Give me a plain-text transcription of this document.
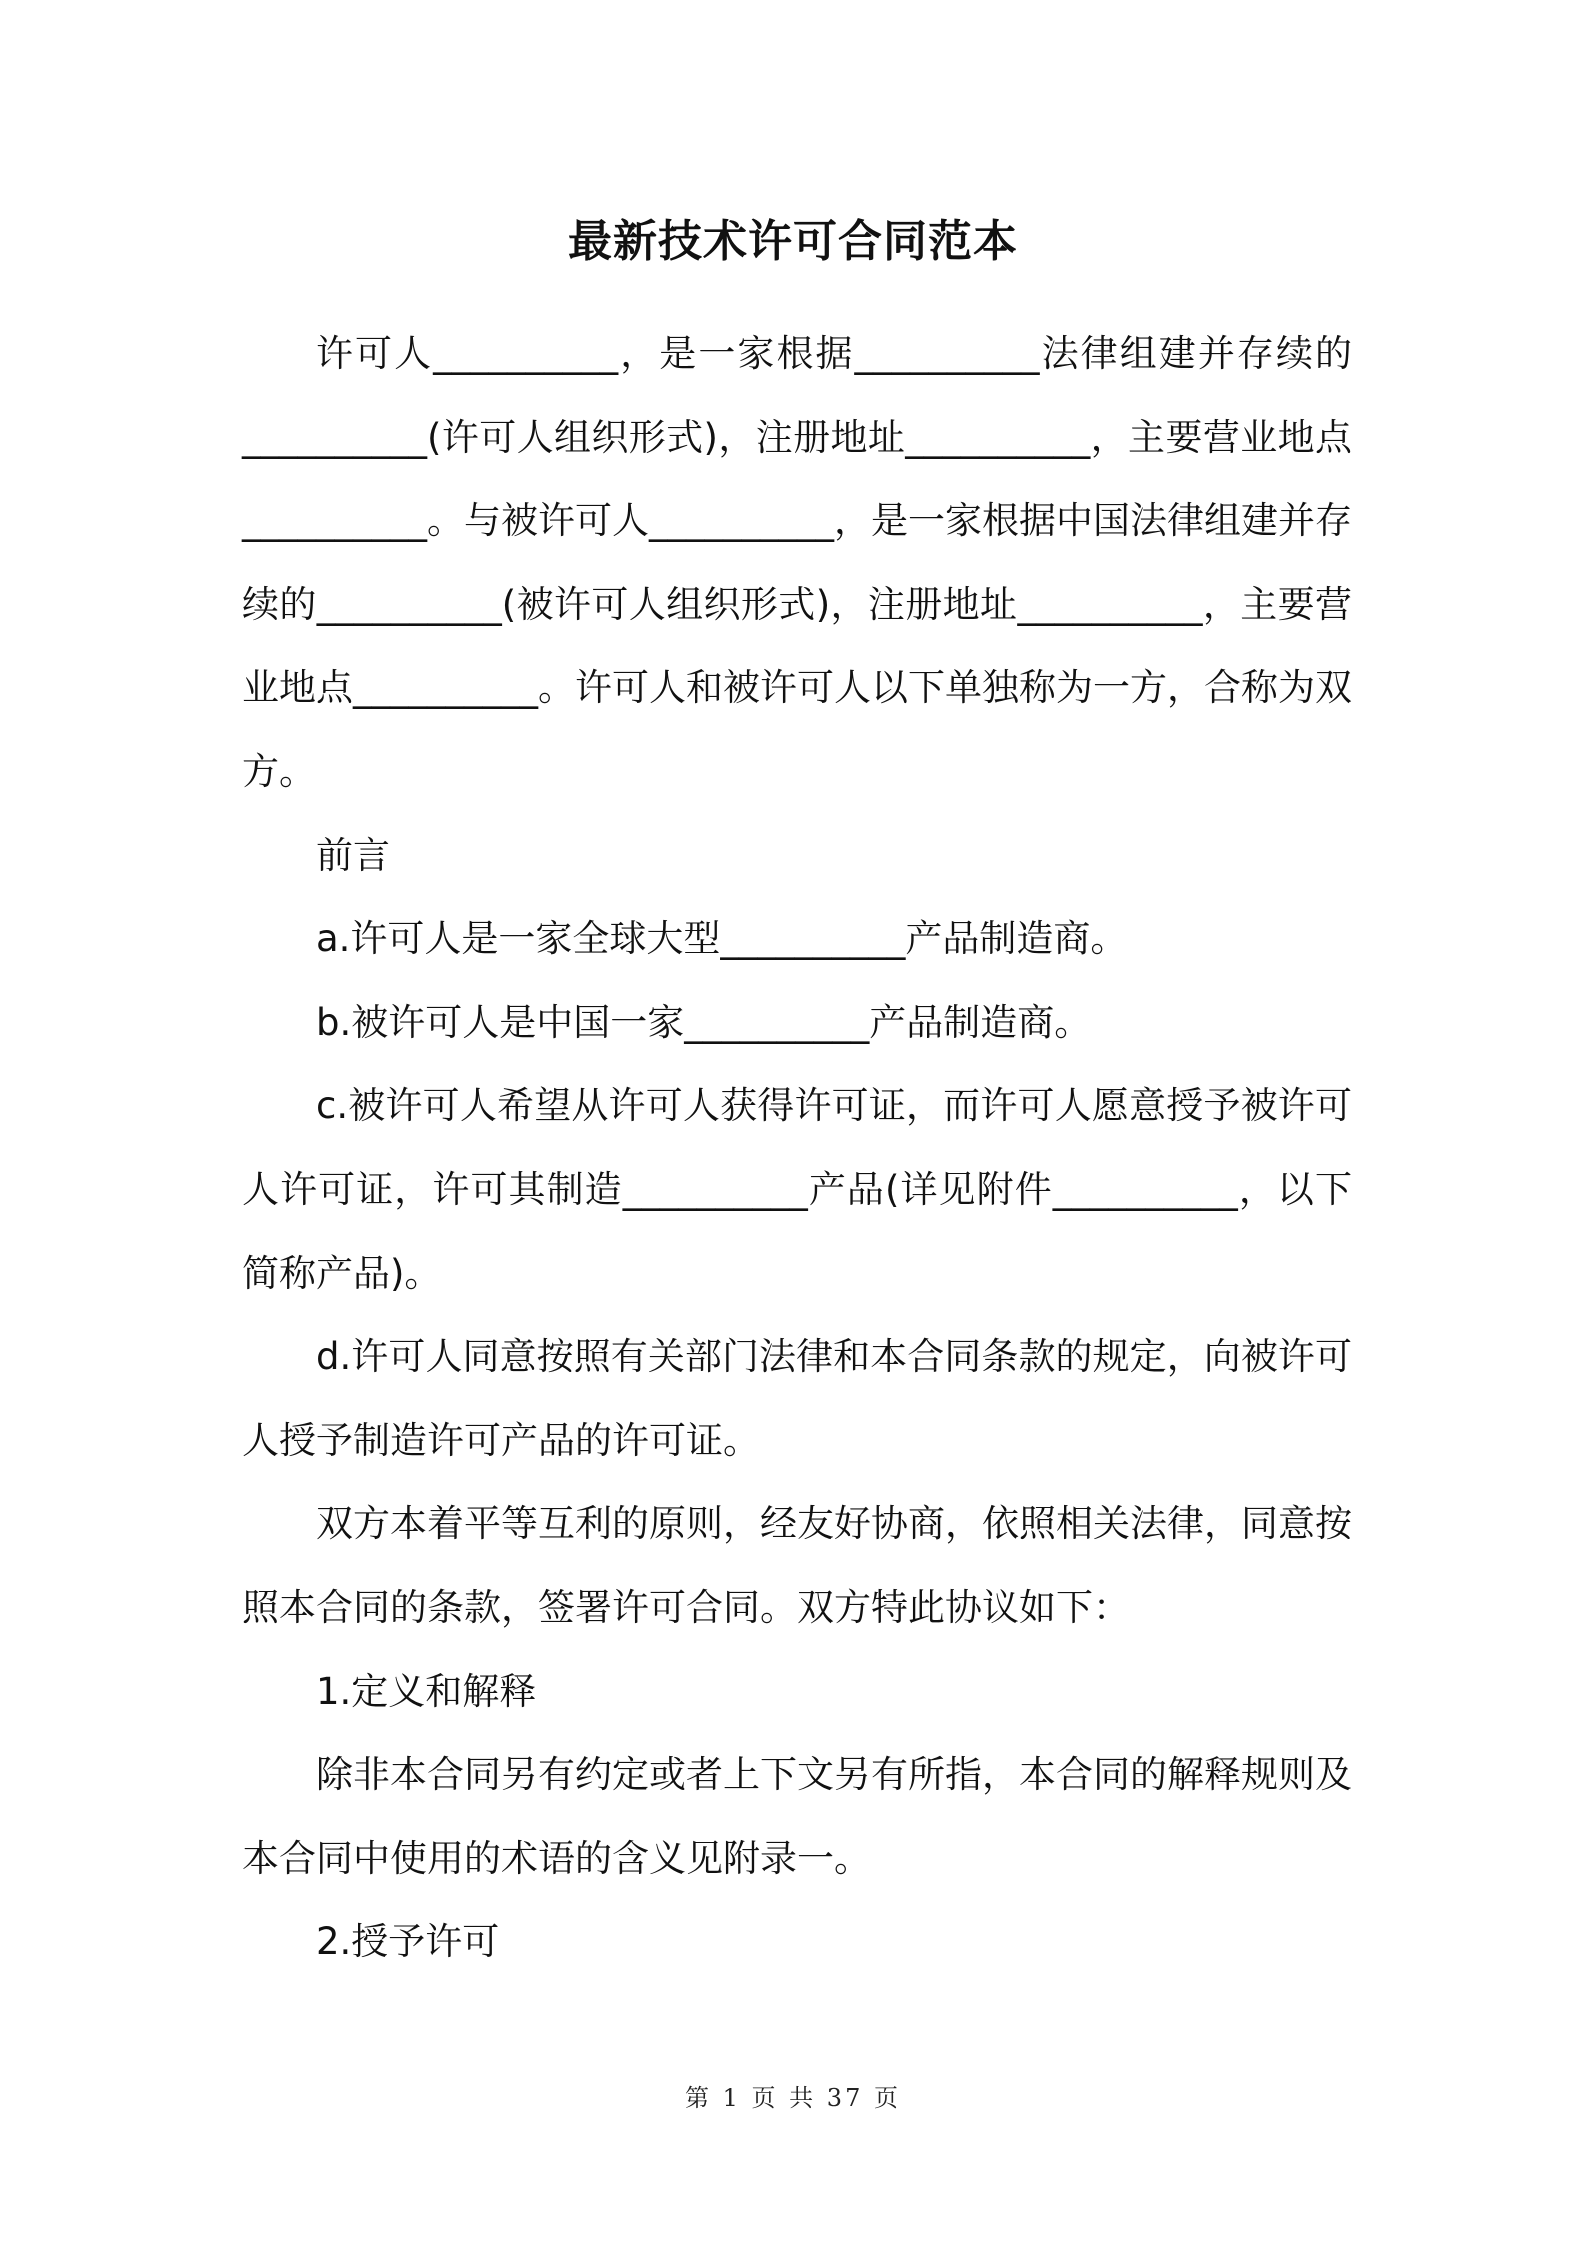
最新技术许可合同范本

许可人__________，是一家根据__________法律组建并存续的__________(许可人组织形式)，注册地址__________，主要营业地点__________。与被许可人__________，是一家根据中国法律组建并存续的__________(被许可人组织形式)，注册地址__________，主要营业地点__________。许可人和被许可人以下单独称为一方，合称为双方。

前言

a.许可人是一家全球大型__________产品制造商。

b.被许可人是中国一家__________产品制造商。

c.被许可人希望从许可人获得许可证，而许可人愿意授予被许可人许可证，许可其制造__________产品(详见附件__________，以下简称产品)。

d.许可人同意按照有关部门法律和本合同条款的规定，向被许可人授予制造许可产品的许可证。

双方本着平等互利的原则，经友好协商，依照相关法律，同意按照本合同的条款，签署许可合同。双方特此协议如下：

1.定义和解释

除非本合同另有约定或者上下文另有所指，本合同的解释规则及本合同中使用的术语的含义见附录一。

2.授予许可

第 1 页 共 37 页
